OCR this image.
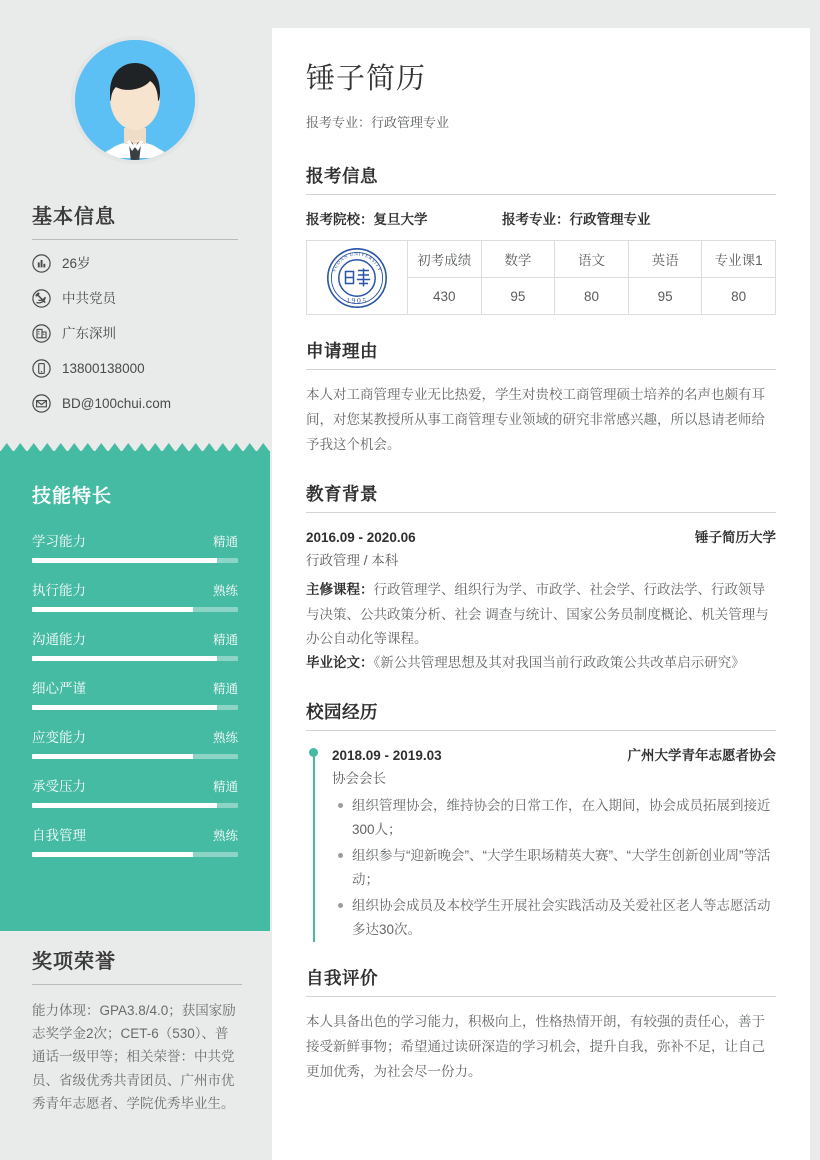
基本信息
26岁
中共党员
广东深圳
13800138000
BD@100chui.com
技能特长
学习能力	精通
执行能力	熟练
沟通能力	精通
细心严谨	精通
应变能力	熟练
承受压力	精通
自我管理	熟练
奖项荣誉

能力体现：GPA3.8/4.0；获国家励志奖学金2次；CET-6（530）、普通话一级甲等；相关荣誉：中共党员、省级优秀共青团员、广州市优秀青年志愿者、学院优秀毕业生。

锤子简历

报考专业：行政管理专业

报考信息
报考院校：复旦大学	报考专业：行政管理专业
FUDAN UNIVERSITY
1905	初考成绩	数学	语文	英语	专业课1
	430	95	80	95	80
申请理由

本人对工商管理专业无比热爱，学生对贵校工商管理硕士培养的名声也颇有耳间，对您某教授所从事工商管理专业领域的研究非常感兴趣，所以恳请老师给予我这个机会。

教育背景
2016.09 - 2020.06	锤子简历大学

行政管理 / 本科

主修课程：行政管理学、组织行为学、市政学、社会学、行政法学、行政领导与决策、公共政策分析、社会 调查与统计、国家公务员制度概论、机关管理与办公自动化等课程。

毕业论文：《新公共管理思想及其对我国当前行政政策公共改革启示研究》

校园经历
2018.09 - 2019.03	广州大学青年志愿者协会

协会会长

组织管理协会，维持协会的日常工作，在入期间，协会成员拓展到接近300人；
组织参与“迎新晚会”、“大学生职场精英大赛”、“大学生创新创业周”等活动；
组织协会成员及本校学生开展社会实践活动及关爱社区老人等志愿活动多达30次。
自我评价

本人具备出色的学习能力，积极向上，性格热情开朗，有较强的责任心，善于接受新鲜事物；希望通过读研深造的学习机会，提升自我，弥补不足，让自己更加优秀，为社会尽一份力。
